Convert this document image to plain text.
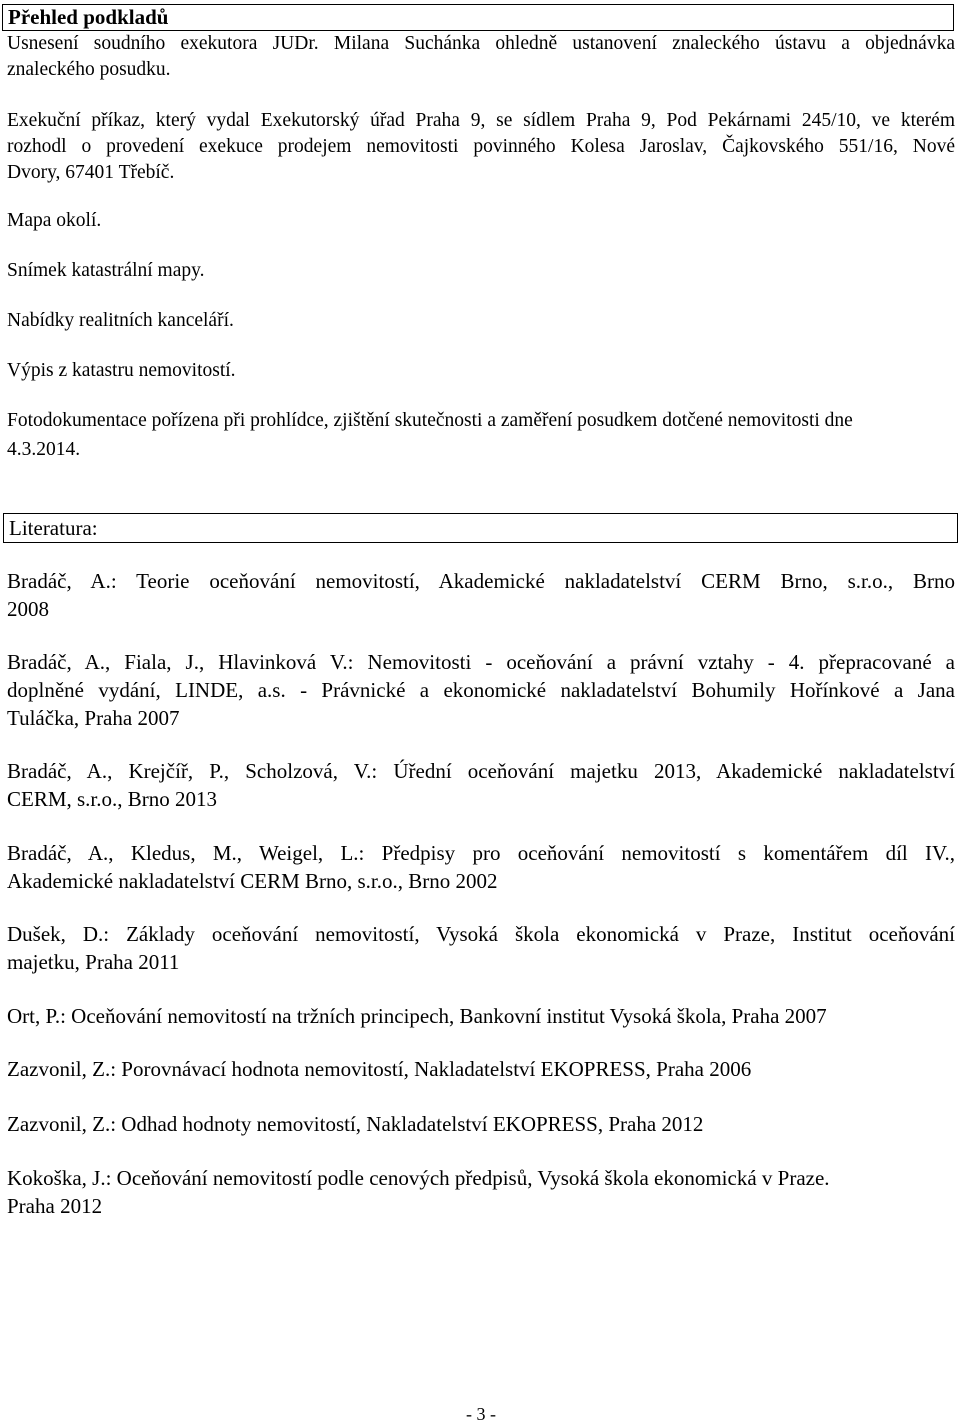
Přehled podkladů

Usnesení soudního exekutora JUDr. Milana Suchánka ohledně ustanovení znaleckého ústavu a objednávka

znaleckého posudku.

Exekuční příkaz, který vydal Exekutorský úřad Praha 9, se sídlem Praha 9, Pod Pekárnami 245/10, ve kterém

rozhodl o provedení exekuce prodejem nemovitosti povinného Kolesa Jaroslav, Čajkovského 551/16, Nové

Dvory, 67401 Třebíč.

Mapa okolí.

Snímek katastrální mapy.

Nabídky realitních kanceláří.

Výpis z katastru nemovitostí.

Fotodokumentace pořízena při prohlídce, zjištění skutečnosti a zaměření posudkem dotčené nemovitosti dne

4.3.2014.

Literatura:

Bradáč, A.: Teorie oceňování nemovitostí, Akademické nakladatelství CERM Brno, s.r.o., Brno

2008

Bradáč, A., Fiala, J., Hlavinková V.: Nemovitosti - oceňování a právní vztahy - 4. přepracované a

doplněné vydání, LINDE, a.s. - Právnické a ekonomické nakladatelství Bohumily Hořínkové a Jana

Tuláčka, Praha 2007

Bradáč, A., Krejčíř, P., Scholzová, V.: Úřední oceňování majetku 2013, Akademické nakladatelství

CERM, s.r.o., Brno 2013

Bradáč, A., Kledus, M., Weigel, L.: Předpisy pro oceňování nemovitostí s komentářem díl IV.,

Akademické nakladatelství CERM Brno, s.r.o., Brno 2002

Dušek, D.: Základy oceňování nemovitostí, Vysoká škola ekonomická v Praze, Institut oceňování

majetku, Praha 2011

Ort, P.: Oceňování nemovitostí na tržních principech, Bankovní institut Vysoká škola, Praha 2007

Zazvonil, Z.: Porovnávací hodnota nemovitostí, Nakladatelství EKOPRESS, Praha 2006

Zazvonil, Z.: Odhad hodnoty nemovitostí, Nakladatelství EKOPRESS, Praha 2012

Kokoška, J.: Oceňování nemovitostí podle cenových předpisů, Vysoká škola ekonomická v Praze.

Praha 2012

- 3 -
